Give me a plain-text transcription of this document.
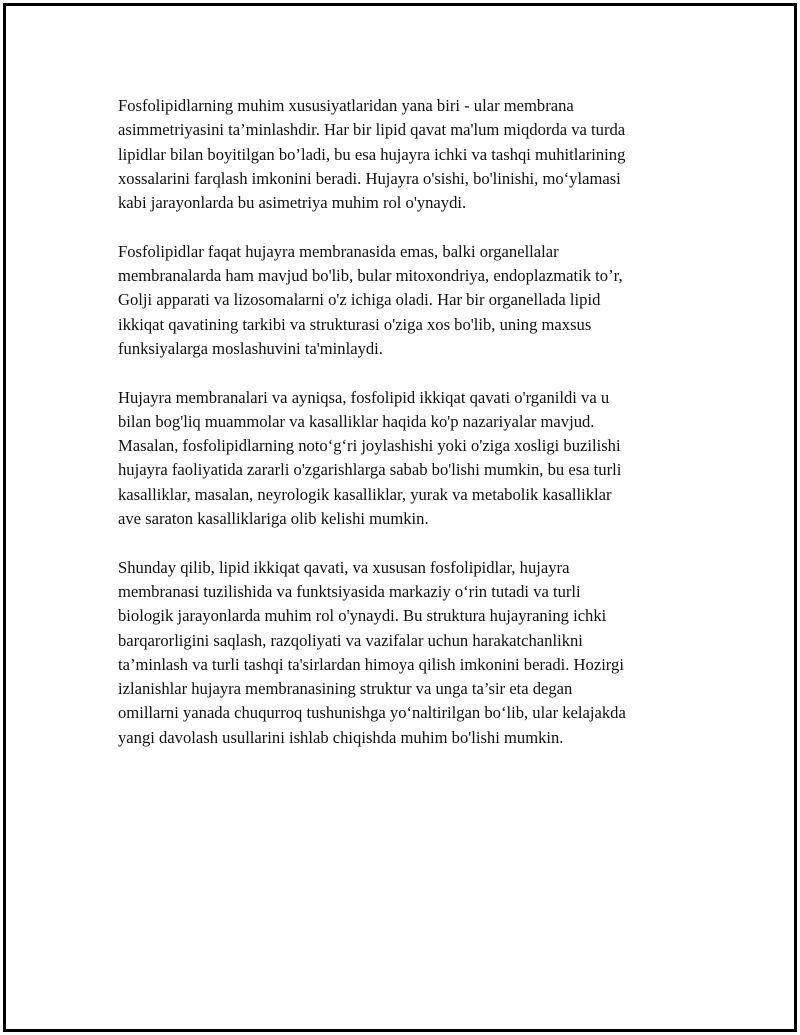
Fosfolipidlarning muhim xususiyatlaridan yana biri - ular membrana
asimmetriyasini ta’minlashdir. Har bir lipid qavat ma'lum miqdorda va turda
lipidlar bilan boyitilgan bo’ladi, bu esa hujayra ichki va tashqi muhitlarining
xossalarini farqlash imkonini beradi. Hujayra o'sishi, bo'linishi, mo‘ylamasi
kabi jarayonlarda bu asimetriya muhim rol o'ynaydi.

Fosfolipidlar faqat hujayra membranasida emas, balki organellalar
membranalarda ham mavjud bo'lib, bular mitoxondriya, endoplazmatik to’r,
Golji apparati va lizosomalarni o'z ichiga oladi. Har bir organellada lipid
ikkiqat qavatining tarkibi va strukturasi o'ziga xos bo'lib, uning maxsus
funksiyalarga moslashuvini ta'minlaydi.

Hujayra membranalari va ayniqsa, fosfolipid ikkiqat qavati o'rganildi va u
bilan bog'liq muammolar va kasalliklar haqida ko'p nazariyalar mavjud.
Masalan, fosfolipidlarning noto‘g‘ri joylashishi yoki o'ziga xosligi buzilishi
hujayra faoliyatida zararli o'zgarishlarga sabab bo'lishi mumkin, bu esa turli
kasalliklar, masalan, neyrologik kasalliklar, yurak va metabolik kasalliklar
ave saraton kasalliklariga olib kelishi mumkin.

Shunday qilib, lipid ikkiqat qavati, va xususan fosfolipidlar, hujayra
membranasi tuzilishida va funktsiyasida markaziy o‘rin tutadi va turli
biologik jarayonlarda muhim rol o'ynaydi. Bu struktura hujayraning ichki
barqarorligini saqlash, razqoliyati va vazifalar uchun harakatchanlikni
ta’minlash va turli tashqi ta'sirlardan himoya qilish imkonini beradi. Hozirgi
izlanishlar hujayra membranasining struktur va unga ta’sir eta degan
omillarni yanada chuqurroq tushunishga yo‘naltirilgan bo‘lib, ular kelajakda
yangi davolash usullarini ishlab chiqishda muhim bo'lishi mumkin.
